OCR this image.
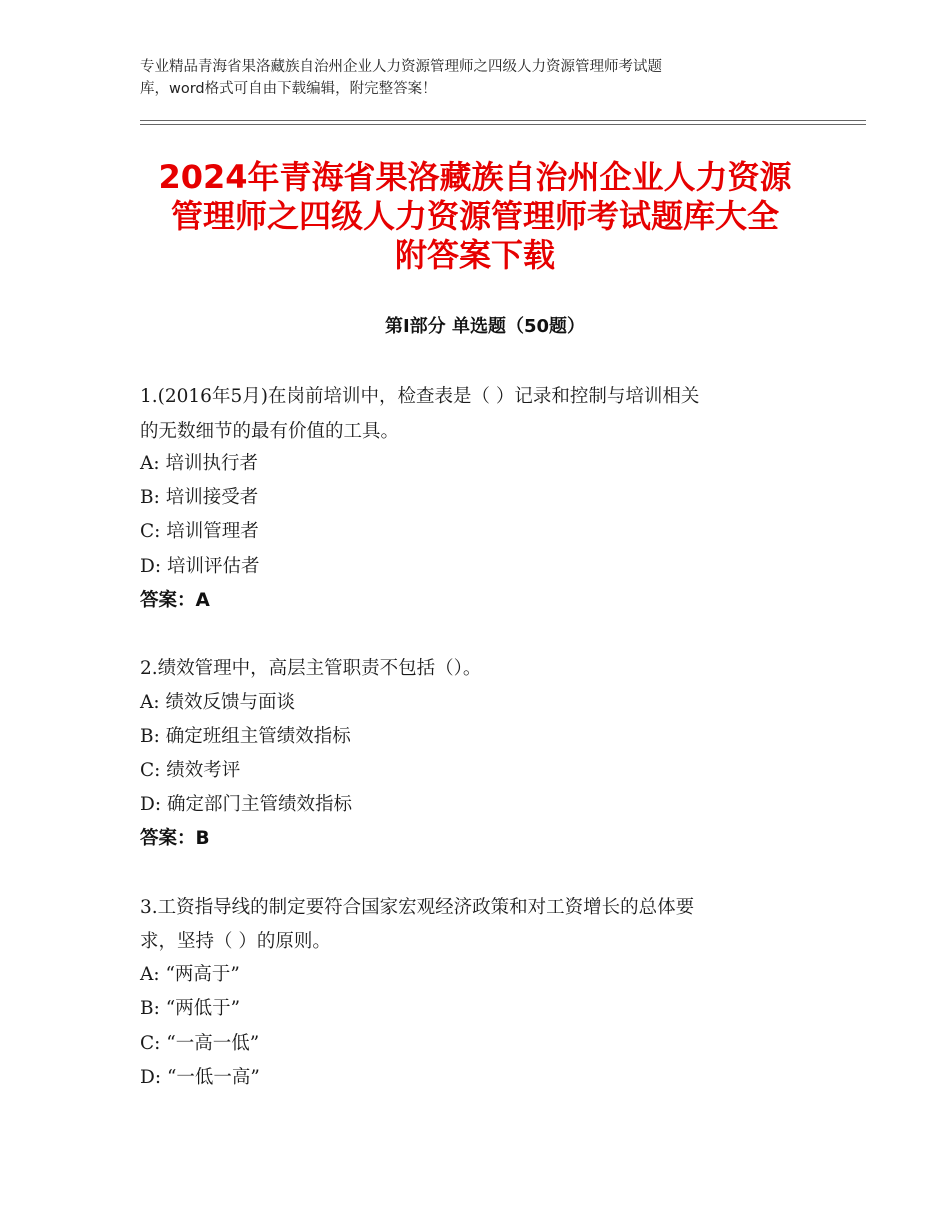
专业精品青海省果洛藏族自治州企业人力资源管理师之四级人力资源管理师考试题
库，word格式可自由下载编辑，附完整答案！
2024年青海省果洛藏族自治州企业人力资源
管理师之四级人力资源管理师考试题库大全
附答案下载
第Ⅰ部分 单选题（50题）
1.(2016年5月)在岗前培训中，检查表是（ ）记录和控制与培训相关
的无数细节的最有价值的工具。
A: 培训执行者
B: 培训接受者
C: 培训管理者
D: 培训评估者
答案：A
2.绩效管理中，高层主管职责不包括（）。
A: 绩效反馈与面谈
B: 确定班组主管绩效指标
C: 绩效考评
D: 确定部门主管绩效指标
答案：B
3.工资指导线的制定要符合国家宏观经济政策和对工资增长的总体要
求，坚持（ ）的原则。
A: “两高于”
B: “两低于”
C: “一高一低”
D: “一低一高”
